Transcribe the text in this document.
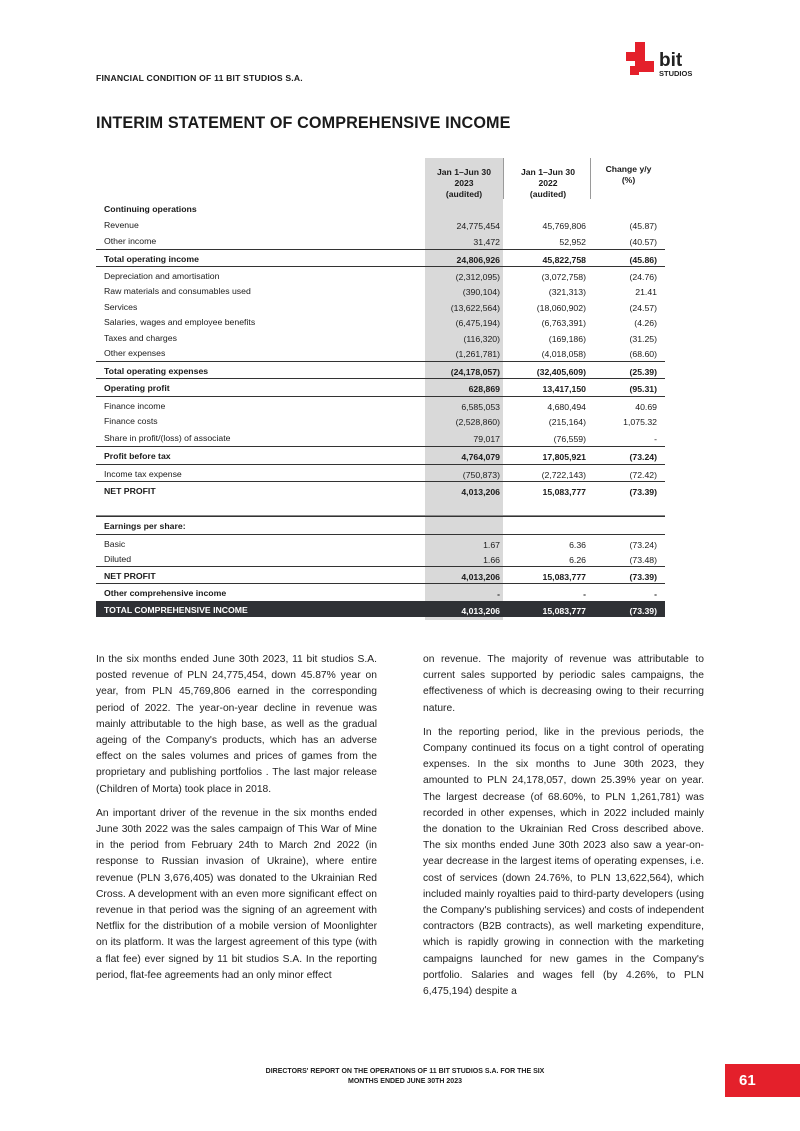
FINANCIAL CONDITION OF 11 BIT STUDIOS S.A.
bit
STUDIOS
INTERIM STATEMENT OF COMPREHENSIVE INCOME
Jan 1–Jun 30
2023
(audited)
Jan 1–Jun 30
2022
(audited)
Change y/y
(%)
Continuing operations
Revenue	24,775,454	45,769,806	(45.87)
Other income	31,472	52,952	(40.57)
Total operating income	24,806,926	45,822,758	(45.86)
Depreciation and amortisation	(2,312,095)	(3,072,758)	(24.76)
Raw materials and consumables used	(390,104)	(321,313)	21.41
Services	(13,622,564)	(18,060,902)	(24.57)
Salaries, wages and employee benefits	(6,475,194)	(6,763,391)	(4.26)
Taxes and charges	(116,320)	(169,186)	(31.25)
Other expenses	(1,261,781)	(4,018,058)	(68.60)
Total operating expenses	(24,178,057)	(32,405,609)	(25.39)
Operating profit	628,869	13,417,150	(95.31)
Finance income	6,585,053	4,680,494	40.69
Finance costs	(2,528,860)	(215,164)	1,075.32
Share in profit/(loss) of associate	79,017	(76,559)	-
Profit before tax	4,764,079	17,805,921	(73.24)
Income tax expense	(750,873)	(2,722,143)	(72.42)
NET PROFIT	4,013,206	15,083,777	(73.39)
Earnings per share:
Basic	1.67	6.36	(73.24)
Diluted	1.66	6.26	(73.48)
NET PROFIT	4,013,206	15,083,777	(73.39)
Other comprehensive income	-	-	-
TOTAL COMPREHENSIVE INCOME	4,013,206	15,083,777	(73.39)

In the six months ended June 30th 2023, 11 bit studios S.A. posted revenue of PLN 24,775,454, down 45.87% year on year, from PLN 45,769,806 earned in the corresponding period of 2022. The year-on-year decline in revenue was mainly attributable to the high base, as well as the gradual ageing of the Company's products, which has an adverse effect on the sales volumes and prices of games from the proprietary and publishing portfolios . The last major release (Children of Morta) took place in 2018.

An important driver of the revenue in the six months ended June 30th 2022 was the sales campaign of This War of Mine in the period from February 24th to March 2nd 2022 (in response to Russian invasion of Ukraine), where entire revenue (PLN 3,676,405) was donated to the Ukrainian Red Cross. A development with an even more significant effect on revenue in that period was the signing of an agreement with Netflix for the distribution of a mobile version of Moonlighter on its platform. It was the largest agreement of this type (with a flat fee) ever signed by 11 bit studios S.A. In the reporting period, flat-fee agreements had an only minor effect

on revenue. The majority of revenue was attributable to current sales supported by periodic sales campaigns, the effectiveness of which is decreasing owing to their recurring nature.

In the reporting period, like in the previous periods, the Company continued its focus on a tight control of operating expenses. In the six months to June 30th 2023, they amounted to PLN 24,178,057, down 25.39% year on year. The largest decrease (of 68.60%, to PLN 1,261,781) was recorded in other expenses, which in 2022 included mainly the donation to the Ukrainian Red Cross described above. The six months ended June 30th 2023 also saw a year-on-year decrease in the largest items of operating expenses, i.e. cost of services (down 24.76%, to PLN 13,622,564), which included mainly royalties paid to third-party developers (using the Company's publishing services) and costs of independent contractors (B2B contracts), as well marketing expenditure, which is rapidly growing in connection with the marketing campaigns launched for new games in the Company's portfolio. Salaries and wages fell (by 4.26%, to PLN 6,475,194) despite a

DIRECTORS' REPORT ON THE OPERATIONS OF 11 BIT STUDIOS S.A. FOR THE SIX
MONTHS ENDED JUNE 30TH 2023	61
